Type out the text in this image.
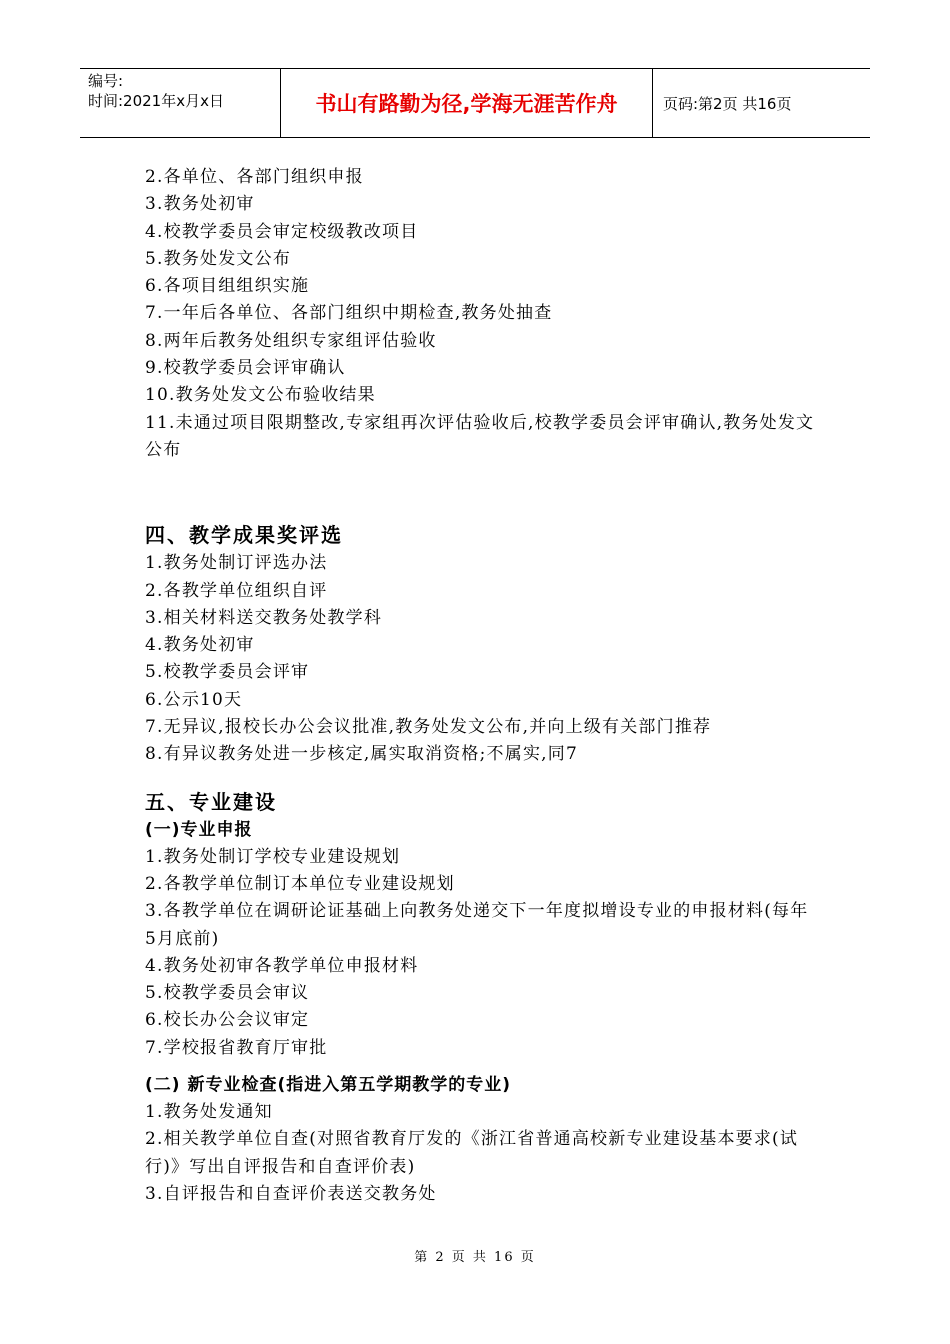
编号:
时间:2021年x月x日	书山有路勤为径,学海无涯苦作舟	页码:第2页 共16页
2.各单位、各部门组织申报
3.教务处初审
4.校教学委员会审定校级教改项目
5.教务处发文公布
6.各项目组组织实施
7.一年后各单位、各部门组织中期检查,教务处抽查
8.两年后教务处组织专家组评估验收
9.校教学委员会评审确认
10.教务处发文公布验收结果
11.未通过项目限期整改,专家组再次评估验收后,校教学委员会评审确认,教务处发文公布
四、教学成果奖评选
1.教务处制订评选办法
2.各教学单位组织自评
3.相关材料送交教务处教学科
4.教务处初审
5.校教学委员会评审
6.公示10天
7.无异议,报校长办公会议批准,教务处发文公布,并向上级有关部门推荐
8.有异议教务处进一步核定,属实取消资格;不属实,同7
五、专业建设
(一)专业申报
1.教务处制订学校专业建设规划
2.各教学单位制订本单位专业建设规划
3.各教学单位在调研论证基础上向教务处递交下一年度拟增设专业的申报材料(每年5月底前)
4.教务处初审各教学单位申报材料
5.校教学委员会审议
6.校长办公会议审定
7.学校报省教育厅审批
(二) 新专业检查(指进入第五学期教学的专业)
1.教务处发通知
2.相关教学单位自查(对照省教育厅发的《浙江省普通高校新专业建设基本要求(试行)》写出自评报告和自查评价表)
3.自评报告和自查评价表送交教务处
第 2 页 共 16 页
